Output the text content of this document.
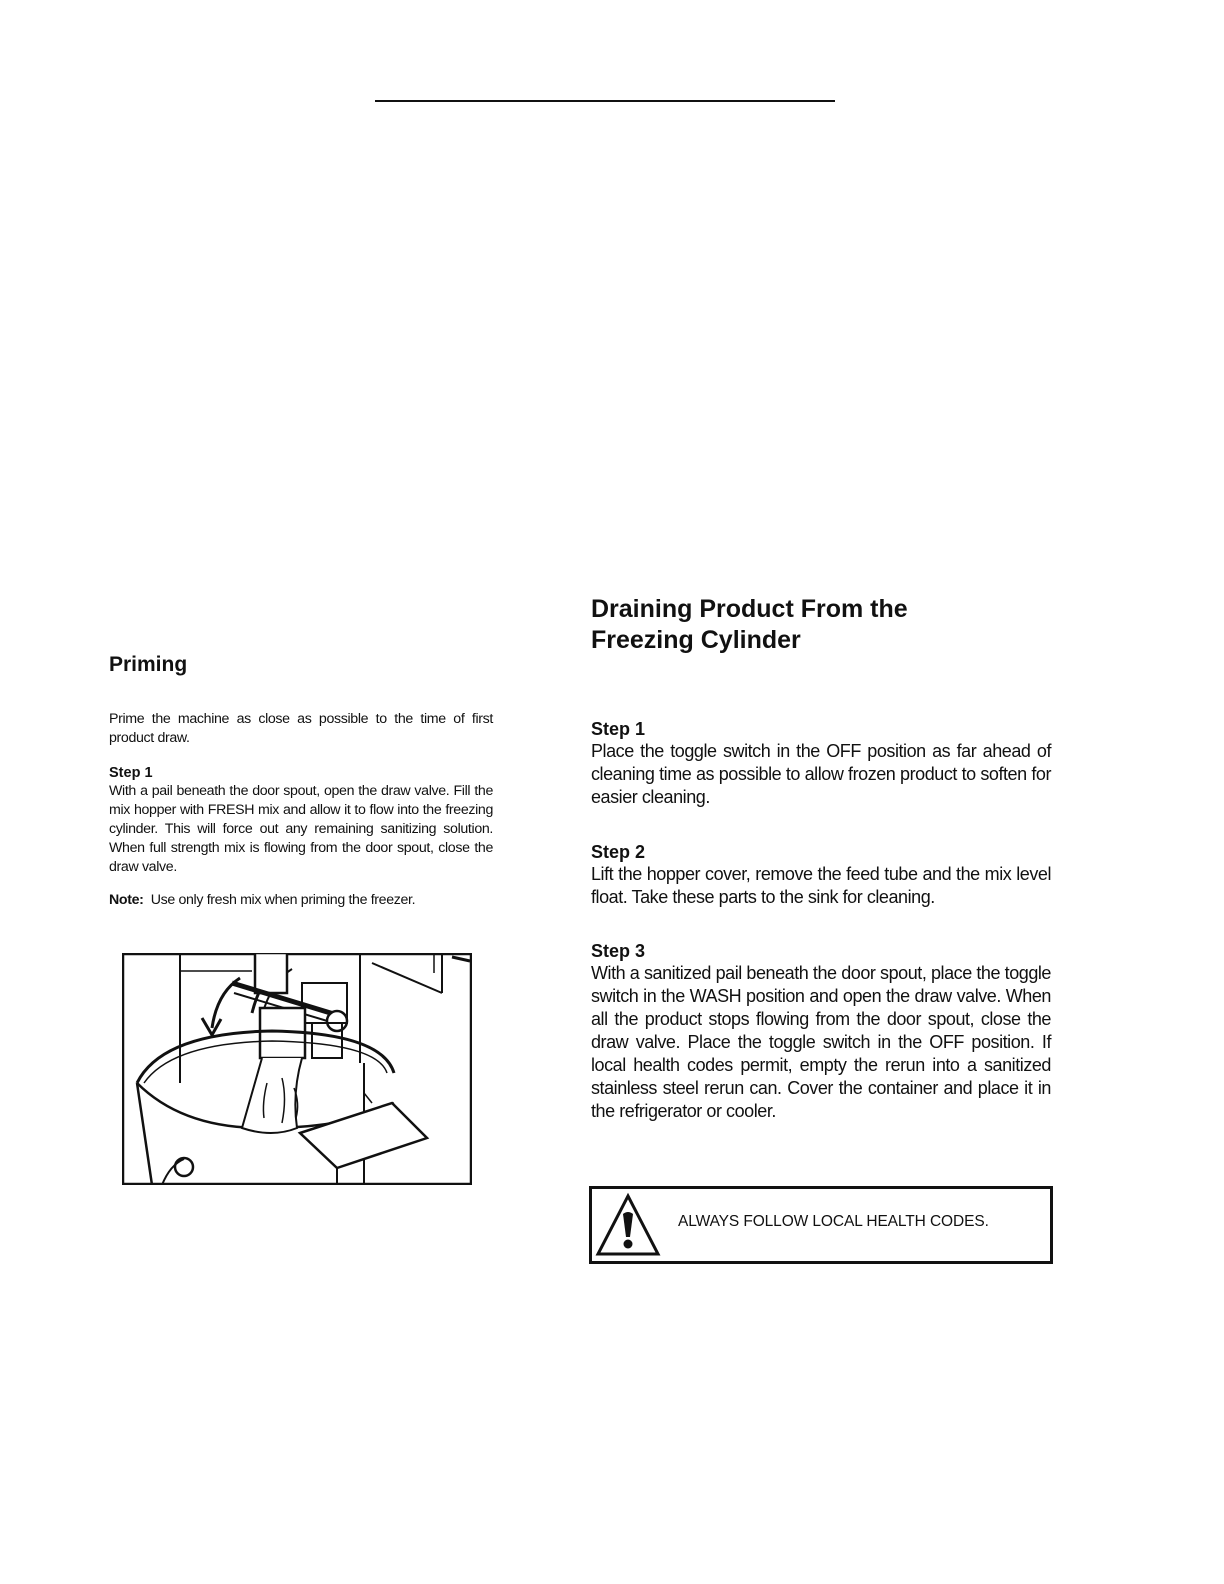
Priming

Prime the machine as close as possible to the time of first product draw.

Step 1

With a pail beneath the door spout, open the draw valve. Fill the mix hopper with FRESH mix and allow it to flow into the freezing cylinder. This will force out any remaining sanitizing solution. When full strength mix is flowing from the door spout, close the draw valve.

Note: Use only fresh mix when priming the freezer.

Draining Product From the
Freezing Cylinder

Step 1

Place the toggle switch in the OFF position as far ahead of cleaning time as possible to allow frozen product to soften for easier cleaning.

Step 2

Lift the hopper cover, remove the feed tube and the mix level float. Take these parts to the sink for cleaning.

Step 3

With a sanitized pail beneath the door spout, place the toggle switch in the WASH position and open the draw valve. When all the product stops flowing from the door spout, close the draw valve. Place the toggle switch in the OFF position. If local health codes permit, empty the rerun into a sanitized stainless steel rerun can. Cover the container and place it in the refrigerator or cooler.

ALWAYS FOLLOW LOCAL HEALTH CODES.
